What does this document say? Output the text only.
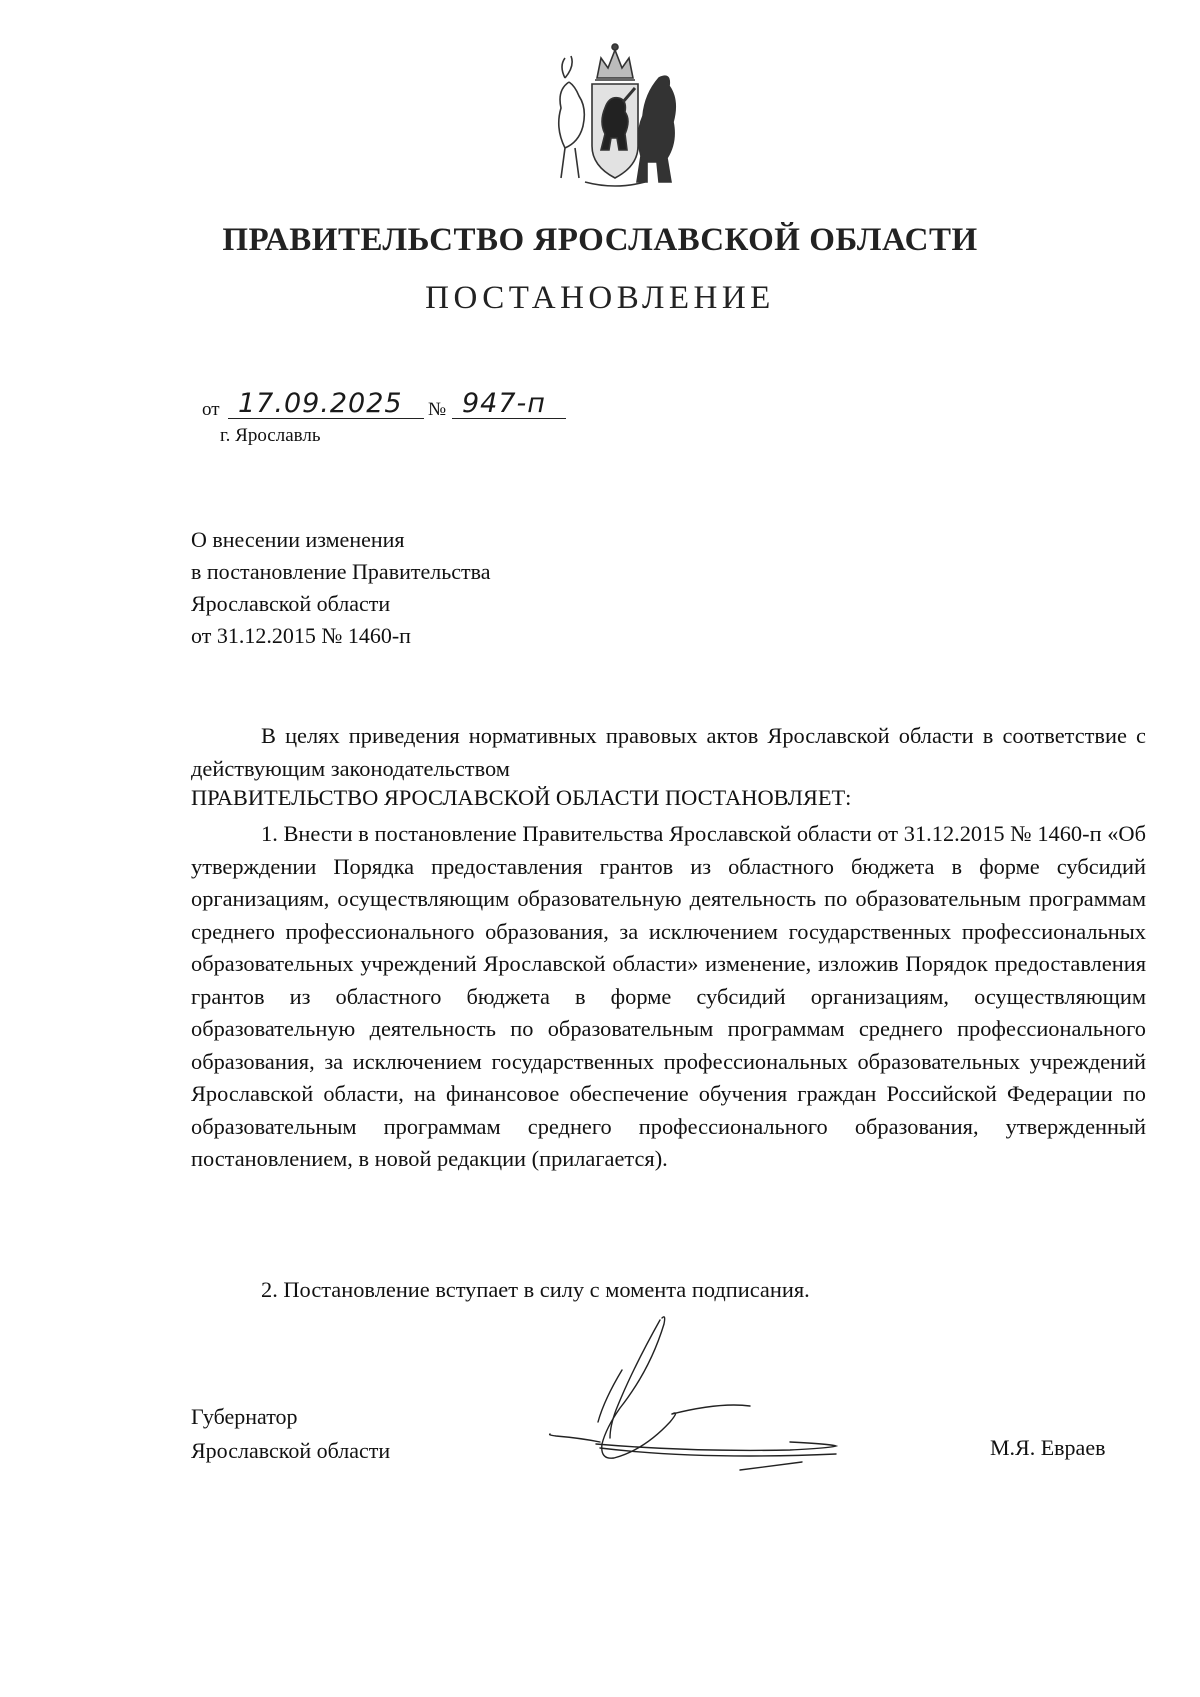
ПРАВИТЕЛЬСТВО ЯРОСЛАВСКОЙ ОБЛАСТИ
ПОСТАНОВЛЕНИЕ
от 17.09.2025 № 947-п
г. Ярославль
О внесении изменения
в постановление Правительства
Ярославской области
от 31.12.2015 № 1460-п
В целях приведения нормативных правовых актов Ярославской области в соответствие с действующим законодательством
ПРАВИТЕЛЬСТВО ЯРОСЛАВСКОЙ ОБЛАСТИ ПОСТАНОВЛЯЕТ:
1. Внести в постановление Правительства Ярославской области от 31.12.2015 № 1460-п «Об утверждении Порядка предоставления грантов из областного бюджета в форме субсидий организациям, осуществляющим образовательную деятельность по образовательным программам среднего профессионального образования, за исключением государственных профессиональных образовательных учреждений Ярославской области» изменение, изложив Порядок предоставления грантов из областного бюджета в форме субсидий организациям, осуществляющим образовательную деятельность по образовательным программам среднего профессионального образования, за исключением государственных профессиональных образовательных учреждений Ярославской области, на финансовое обеспечение обучения граждан Российской Федерации по образовательным программам среднего профессионального образования, утвержденный постановлением, в новой редакции (прилагается).
2. Постановление вступает в силу с момента подписания.
Губернатор
Ярославской области	М.Я. Евраев
